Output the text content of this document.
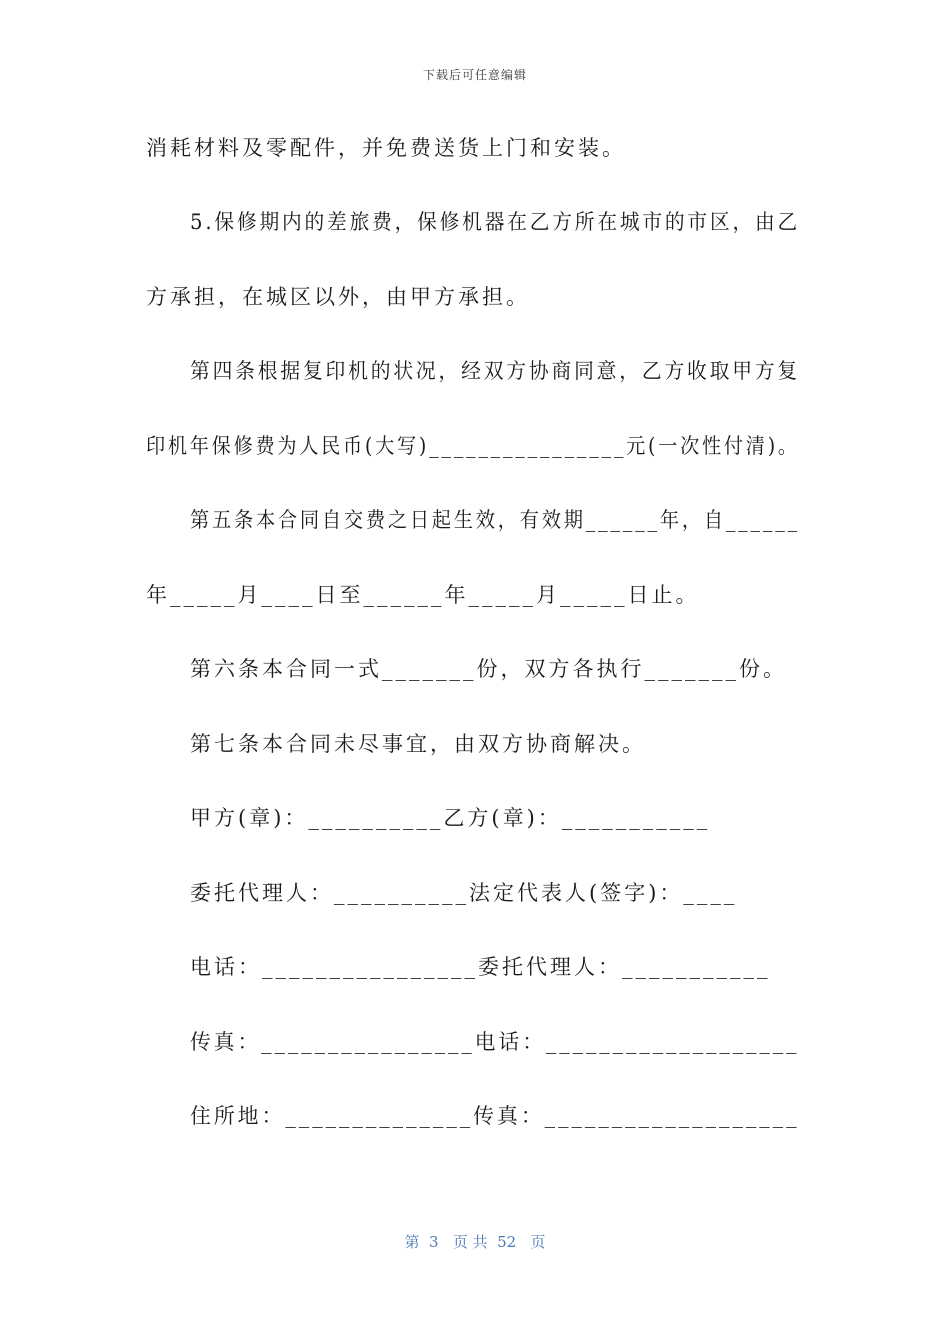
下载后可任意编辑
消耗材料及零配件，并免费送货上门和安装。
5.保修期内的差旅费，保修机器在乙方所在城市的市区，由乙
方承担，在城区以外，由甲方承担。
第四条根据复印机的状况，经双方协商同意，乙方收取甲方复
印机年保修费为人民币(大写)________________元(一次性付清)。
第五条本合同自交费之日起生效，有效期______年，自______
年_____月____日至______年_____月_____日止。
第六条本合同一式_______份，双方各执行_______份。
第七条本合同未尽事宜，由双方协商解决。
甲方(章)：__________乙方(章)：___________
委托代理人：__________法定代表人(签字)：____
电话：________________委托代理人：___________
传真：________________电话：___________________
住所地：______________传真：___________________
第  3   页 共  52   页
